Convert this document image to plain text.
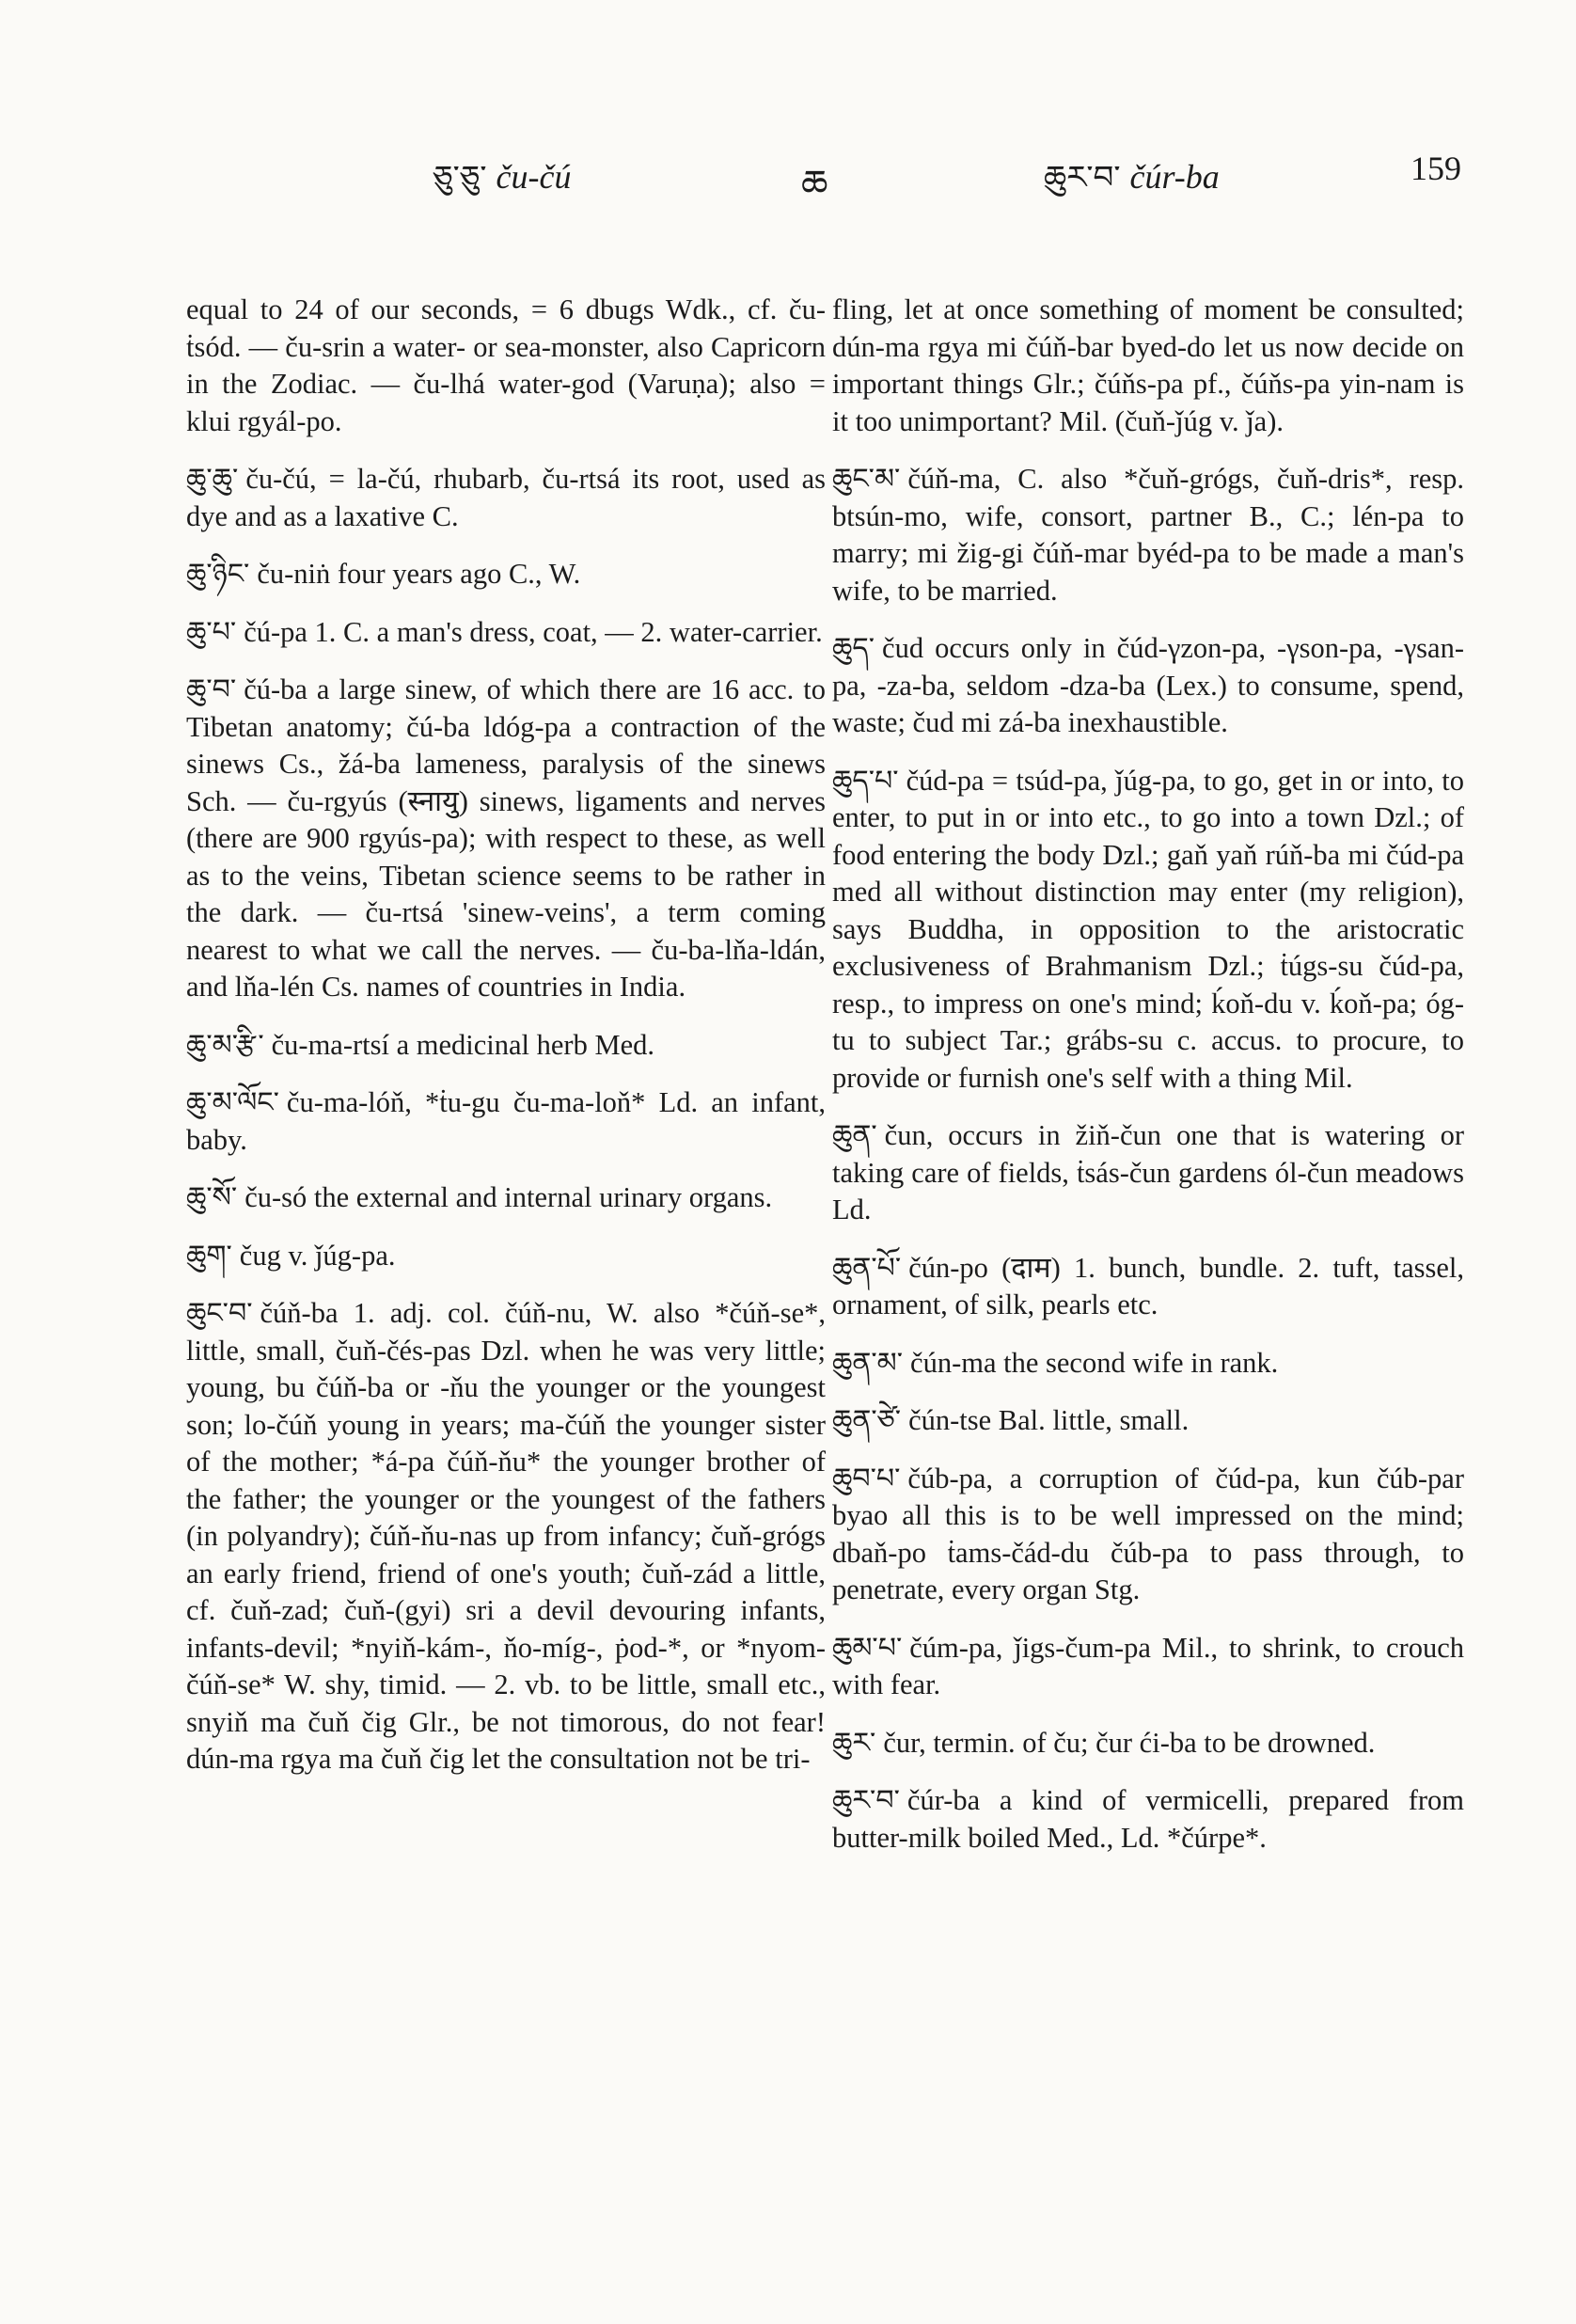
ཅུ་ཅུ་ ču-čú	ཆ	ཆུར་བ་ čúr-ba	159

equal to 24 of our seconds, = 6 dbugs Wdk., cf. ču-ṫsód. — ču-srin a water- or sea-monster, also Capricorn in the Zodiac. — ču-lhá water-god (Varuṇa); also = klui rgyál-po.

ཆུ་ཆུ་ ču-čú, = la-čú, rhubarb, ču-rtsá its root, used as dye and as a laxative C.
ཆུ་ཉིང་ ču-niṅ four years ago C., W.
ཆུ་པ་ čú-pa 1. C. a man's dress, coat, — 2. water-carrier.
ཆུ་བ་ čú-ba a large sinew, of which there are 16 acc. to Tibetan anatomy; čú-ba ldóg-pa a contraction of the sinews Cs., žá-ba lameness, paralysis of the sinews Sch. — ču-rgyús (स्नायु) sinews, ligaments and nerves (there are 900 rgyús-pa); with respect to these, as well as to the veins, Tibetan science seems to be rather in the dark. — ču-rtsá 'sinew-veins', a term coming nearest to what we call the nerves. — ču-ba-lňa-ldán, and lňa-lén Cs. names of countries in India.
ཆུ་མ་རྩི་ ču-ma-rtsí a medicinal herb Med.
ཆུ་མ་ལོང་ ču-ma-lóň, *ṫu-gu ču-ma-loň* Ld. an infant, baby.
ཆུ་སོ་ ču-só the external and internal urinary organs.
ཆུག་ čug v. ǰúg-pa.
ཆུང་བ་ čúň-ba 1. adj. col. čúň-nu, W. also *čúň-se*, little, small, čuň-čés-pas Dzl. when he was very little; young, bu čúň-ba or -ňu the younger or the youngest son; lo-čúň young in years; ma-čúň the younger sister of the mother; *á-pa čúň-ňu* the younger brother of the father; the younger or the youngest of the fathers (in polyandry); čúň-ňu-nas up from infancy; čuň-grógs an early friend, friend of one's youth; čuň-zád a little, cf. čuň-zad; čuň-(gyi) sri a devil devouring infants, infants-devil; *nyiň-kám-, ňo-míg-, ṗod-*, or *nyom-čúň-se* W. shy, timid. — 2. vb. to be little, small etc., snyiň ma čuň čig Glr., be not timorous, do not fear! dún-ma rgya ma čuň čig let the consultation not be tri-

fling, let at once something of moment be consulted; dún-ma rgya mi čúň-bar byed-do let us now decide on important things Glr.; čúňs-pa pf., čúňs-pa yin-nam is it too unimportant? Mil. (čuň-ǰúg v. ǰa).

ཆུང་མ་ čúň-ma, C. also *čuň-grógs, čuň-dris*, resp. btsún-mo, wife, consort, partner B., C.; lén-pa to marry; mi žig-gi čúň-mar byéd-pa to be made a man's wife, to be married.
ཆུད་ čud occurs only in čúd-γzon-pa, -γson-pa, -γsan-pa, -za-ba, seldom -dza-ba (Lex.) to consume, spend, waste; čud mi zá-ba inexhaustible.
ཆུད་པ་ čúd-pa = tsúd-pa, ǰúg-pa, to go, get in or into, to enter, to put in or into etc., to go into a town Dzl.; of food entering the body Dzl.; gaň yaň rúň-ba mi čúd-pa med all without distinction may enter (my religion), says Buddha, in opposition to the aristocratic exclusiveness of Brahmanism Dzl.; ṫúgs-su čúd-pa, resp., to impress on one's mind; ḱoň-du v. ḱoň-pa; óg-tu to subject Tar.; grábs-su c. accus. to procure, to provide or furnish one's self with a thing Mil.
ཆུན་ čun, occurs in žiň-čun one that is watering or taking care of fields, ṫsás-čun gardens ól-čun meadows Ld.
ཆུན་པོ་ čún-po (दाम) 1. bunch, bundle. 2. tuft, tassel, ornament, of silk, pearls etc.
ཆུན་མ་ čún-ma the second wife in rank.
ཆུན་ཙེ་ čún-tse Bal. little, small.
ཆུབ་པ་ čúb-pa, a corruption of čúd-pa, kun čúb-par byao all this is to be well impressed on the mind; dbaň-po ṫams-čád-du čúb-pa to pass through, to penetrate, every organ Stg.
ཆུམ་པ་ čúm-pa, ǰigs-čum-pa Mil., to shrink, to crouch with fear.
ཆུར་ čur, termin. of ču; čur ći-ba to be drowned.
ཆུར་བ་ čúr-ba a kind of vermicelli, prepared from butter-milk boiled Med., Ld. *čúrpe*.
